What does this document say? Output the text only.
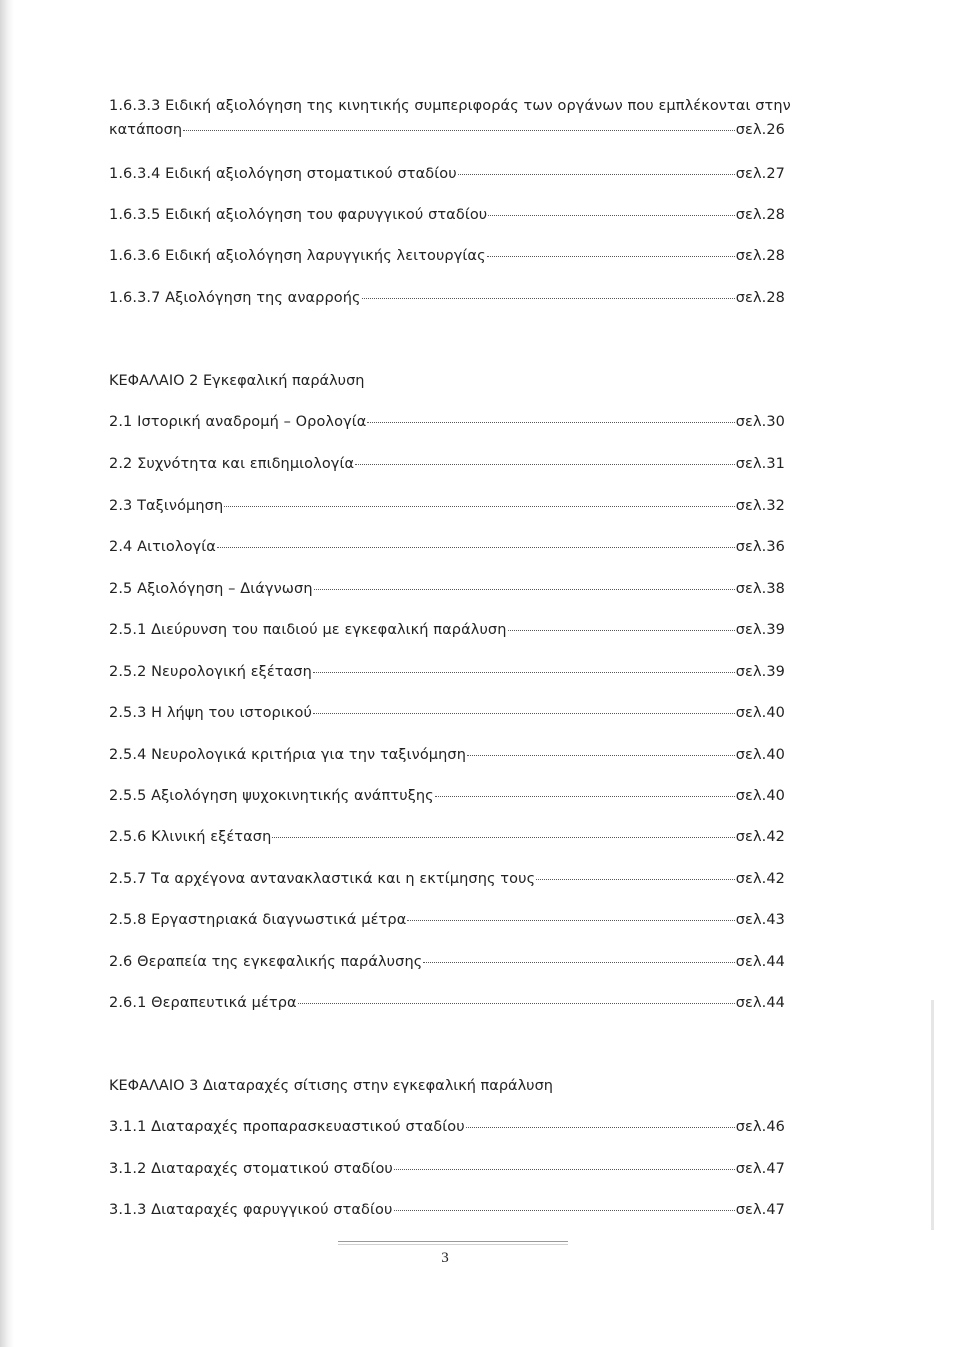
1.6.3.3 Ειδική αξιολόγηση της κινητικής συμπεριφοράς των οργάνων που εμπλέκονται στην
κατάποση	σελ.26
1.6.3.4 Ειδική αξιολόγηση στοματικού σταδίου	σελ.27
1.6.3.5 Ειδική αξιολόγηση του φαρυγγικού σταδίου	σελ.28
1.6.3.6 Ειδική αξιολόγηση λαρυγγικής λειτουργίας	σελ.28
1.6.3.7 Αξιολόγηση της αναρροής	σελ.28
ΚΕΦΑΛΑΙΟ 2 Εγκεφαλική παράλυση
2.1 Ιστορική αναδρομή – Ορολογία	σελ.30
2.2 Συχνότητα και επιδημιολογία	σελ.31
2.3 Ταξινόμηση	σελ.32
2.4 Αιτιολογία	σελ.36
2.5 Αξιολόγηση – Διάγνωση	σελ.38
2.5.1 Διεύρυνση του παιδιού με εγκεφαλική παράλυση	σελ.39
2.5.2 Νευρολογική εξέταση	σελ.39
2.5.3 Η λήψη του ιστορικού	σελ.40
2.5.4 Νευρολογικά κριτήρια για την ταξινόμηση	σελ.40
2.5.5 Αξιολόγηση ψυχοκινητικής ανάπτυξης	σελ.40
2.5.6 Κλινική εξέταση	σελ.42
2.5.7 Τα αρχέγονα αντανακλαστικά και η εκτίμησης τους	σελ.42
2.5.8 Εργαστηριακά διαγνωστικά μέτρα	σελ.43
2.6 Θεραπεία της εγκεφαλικής παράλυσης	σελ.44
2.6.1 Θεραπευτικά μέτρα	σελ.44
ΚΕΦΑΛΑΙΟ 3 Διαταραχές σίτισης στην εγκεφαλική παράλυση
3.1.1 Διαταραχές προπαρασκευαστικού σταδίου	σελ.46
3.1.2 Διαταραχές στοματικού σταδίου	σελ.47
3.1.3 Διαταραχές φαρυγγικού σταδίου	σελ.47
3
